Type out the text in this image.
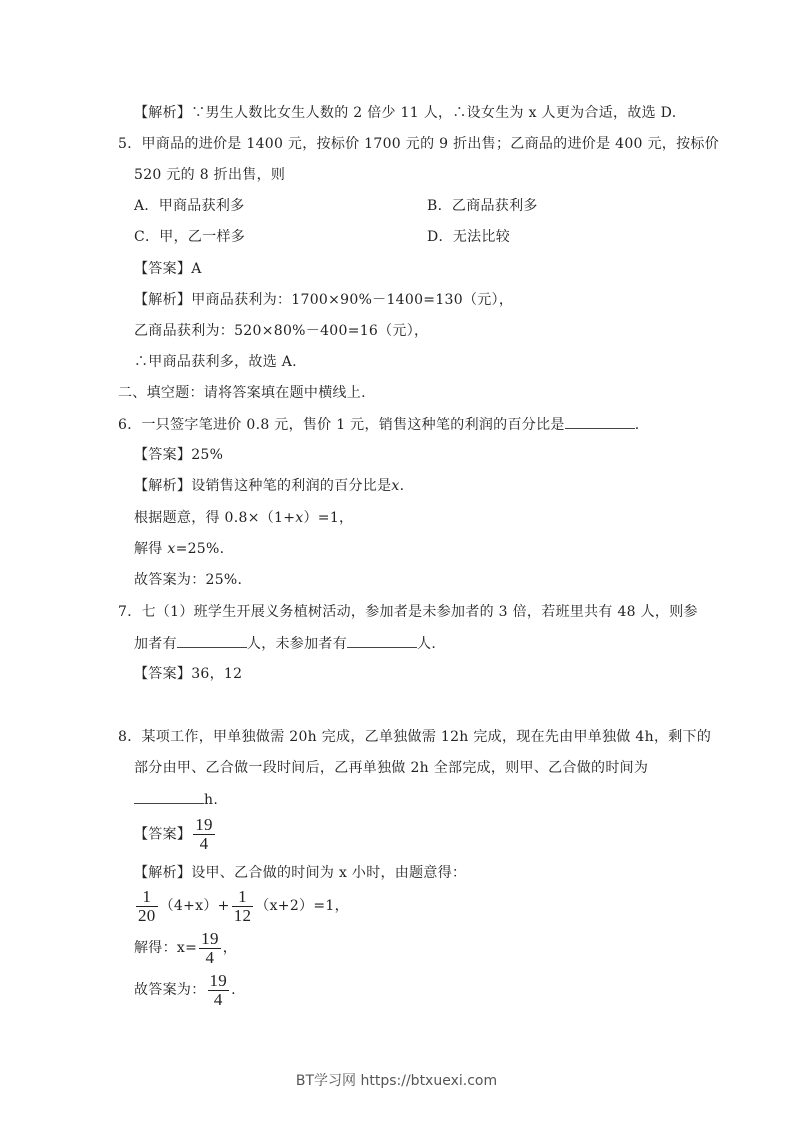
【解析】∵男生人数比女生人数的 2 倍少 11 人，∴设女生为 x 人更为合适，故选 D.
5．甲商品的进价是 1400 元，按标价 1700 元的 9 折出售；乙商品的进价是 400 元，按标价
520 元的 8 折出售，则
A．甲商品获利多	B．乙商品获利多
C．甲，乙一样多	D．无法比较
【答案】A
【解析】甲商品获利为：1700×90%－1400=130（元），
乙商品获利为：520×80%－400=16（元），
∴甲商品获利多，故选 A.
二、填空题：请将答案填在题中横线上.
6．一只签字笔进价 0.8 元，售价 1 元，销售这种笔的利润的百分比是	.
【答案】25%
【解析】设销售这种笔的利润的百分比是x.
根据题意，得 0.8×（1+x）=1，
解得 x=25%.
故答案为：25%.
7．七（1）班学生开展义务植树活动，参加者是未参加者的 3 倍，若班里共有 48 人，则参
加者有	人，未参加者有	人.
【答案】36，12
8．某项工作，甲单独做需 20h 完成，乙单独做需 12h 完成，现在先由甲单独做 4h，剩下的
部分由甲、乙合做一段时间后，乙再单独做 2h 全部完成，则甲、乙合做的时间为
h.
【答案】 $\frac{19}{4}$
【解析】设甲、乙合做的时间为 x 小时，由题意得：
$\frac{1}{20} (4+x)+ \frac{1}{12} (x+2)=1$，
解得：$x= \frac{19}{4}$ ，
故答案为： $\frac{19}{4}$ .
BT学习网 https://btxuexi.com
